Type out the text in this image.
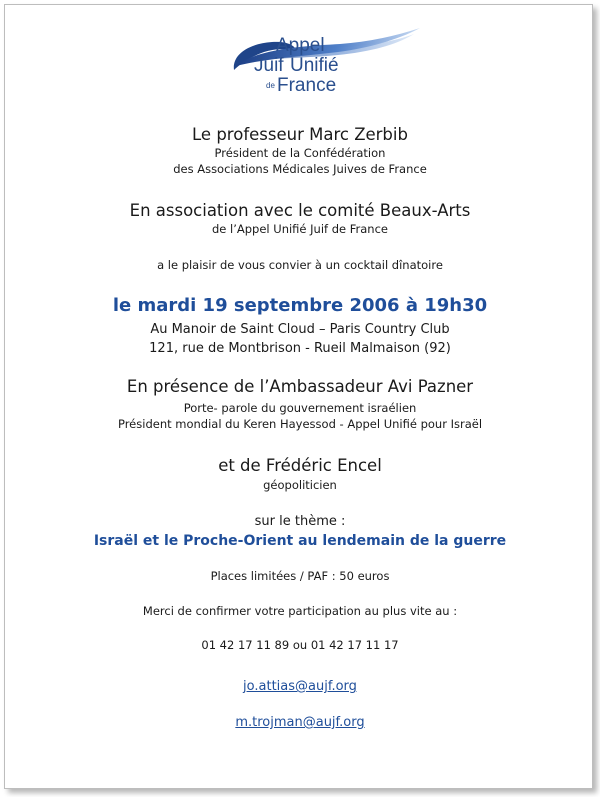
Appel
Juif Unifié
de France
Le professeur Marc Zerbib
Président de la Confédération
des Associations Médicales Juives de France
En association avec le comité Beaux-Arts
de l’Appel Unifié Juif de France
a le plaisir de vous convier à un cocktail dînatoire
le mardi 19 septembre 2006 à 19h30
Au Manoir de Saint Cloud – Paris Country Club
121, rue de Montbrison - Rueil Malmaison (92)
En présence de l’Ambassadeur Avi Pazner
Porte- parole du gouvernement israélien
Président mondial du Keren Hayessod - Appel Unifié pour Israël
et de Frédéric Encel
géopoliticien
sur le thème :
Israël et le Proche-Orient au lendemain de la guerre
Places limitées / PAF : 50 euros
Merci de confirmer votre participation au plus vite au :
01 42 17 11 89 ou 01 42 17 11 17
jo.attias@aujf.org
m.trojman@aujf.org
